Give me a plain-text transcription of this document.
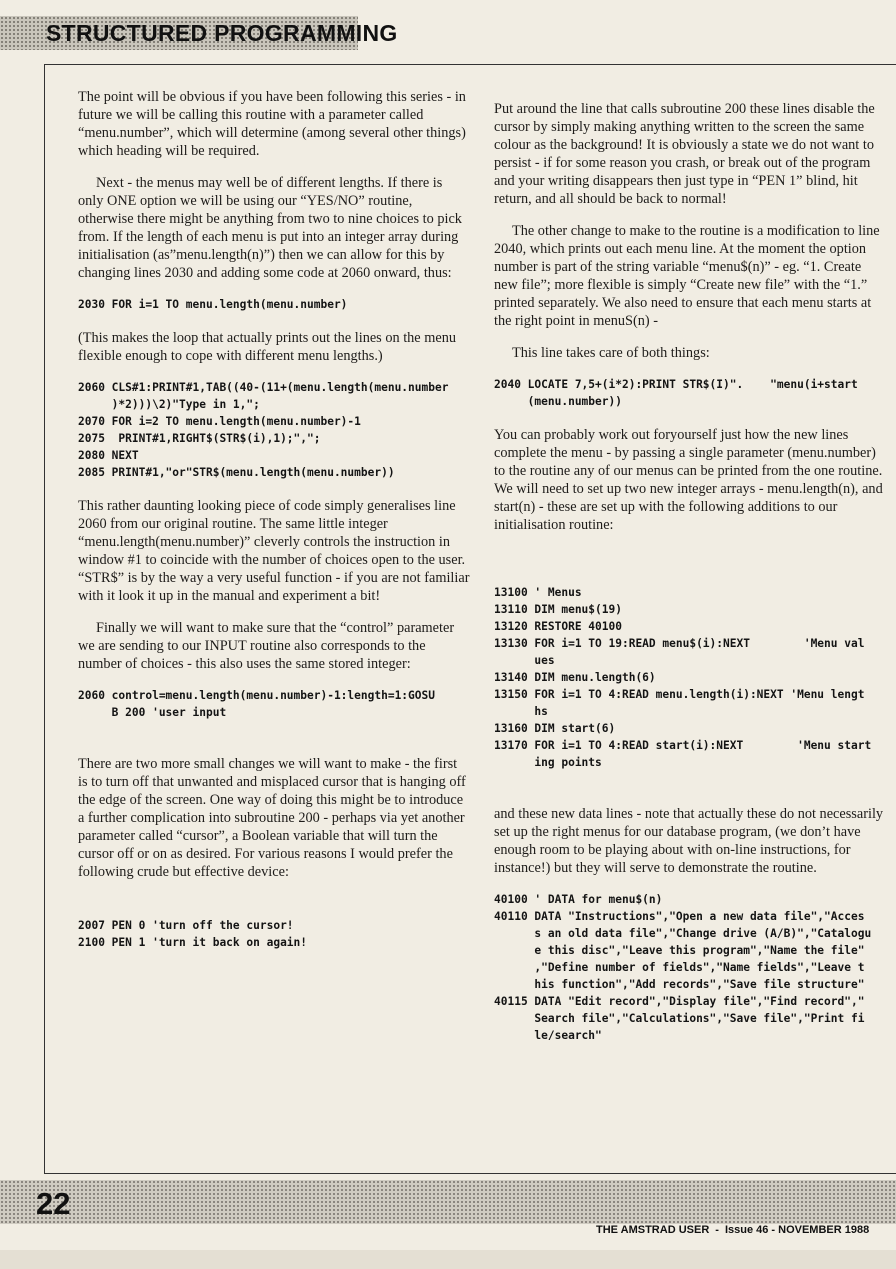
STRUCTURED PROGRAMMING

The point will be obvious if you have been following this series - in future we will be calling this routine with a parameter called “menu.number”, which will determine (among several other things) which heading will be required.

Next - the menus may well be of different lengths. If there is only ONE option we will be using our “YES/NO” routine, otherwise there might be anything from two to nine choices to pick from. If the length of each menu is put into an integer array during initialisation (as”menu.length(n)”) then we can allow for this by changing lines 2030 and adding some code at 2060 onward, thus:

2030 FOR i=1 TO menu.length(menu.number)

(This makes the loop that actually prints out the lines on the menu flexible enough to cope with different menu lengths.)

2060 CLS#1:PRINT#1,TAB((40-(11+(menu.length(menu.number
)*2)))\2)"Type in 1,";
2070 FOR i=2 TO menu.length(menu.number)-1
2075  PRINT#1,RIGHT$(STR$(i),1);",";
2080 NEXT
2085 PRINT#1,"or"STR$(menu.length(menu.number))

This rather daunting looking piece of code simply generalises line 2060 from our original routine. The same little integer “menu.length(menu.number)” cleverly controls the instruction in window #1 to coincide with the number of choices open to the user. “STR$” is by the way a very useful function - if you are not familiar with it look it up in the manual and experiment a bit!

Finally we will want to make sure that the “control” parameter we are sending to our INPUT routine also corresponds to the number of choices - this also uses the same stored integer:

2060 control=menu.length(menu.number)-1:length=1:GOSU
B 200 'user input

There are two more small changes we will want to make - the first is to turn off that unwanted and misplaced cursor that is hanging off the edge of the screen. One way of doing this might be to introduce a further complication into subroutine 200 - perhaps via yet another parameter called “cursor”, a Boolean variable that will turn the cursor off or on as desired. For various reasons I would prefer the following crude but effective device:

2007 PEN 0 'turn off the cursor!
2100 PEN 1 'turn it back on again!

Put around the line that calls subroutine 200 these lines disable the cursor by simply making anything written to the screen the same colour as the background! It is obviously a state we do not want to persist - if for some reason you crash, or break out of the program and your writing disappears then just type in “PEN 1” blind, hit return, and all should be back to normal!

The other change to make to the routine is a modification to line 2040, which prints out each menu line. At the moment the option number is part of the string variable “menu$(n)” - eg. “1. Create new file”; more flexible is simply “Create new file” with the “1.” printed separately. We also need to ensure that each menu starts at the right point in menuS(n) -

This line takes care of both things:

2040 LOCATE 7,5+(i*2):PRINT STR$(I)".    "menu(i+start
(menu.number))

You can probably work out foryourself just how the new lines complete the menu - by passing a single parameter (menu.number) to the routine any of our menus can be printed from the one routine. We will need to set up two new integer arrays - menu.length(n), and start(n) - these are set up with the following additions to our initialisation routine:

13100 ' Menus
13110 DIM menu$(19)
13120 RESTORE 40100
13130 FOR i=1 TO 19:READ menu$(i):NEXT        'Menu val
ues
13140 DIM menu.length(6)
13150 FOR i=1 TO 4:READ menu.length(i):NEXT 'Menu lengt
hs
13160 DIM start(6)
13170 FOR i=1 TO 4:READ start(i):NEXT        'Menu start
ing points

and these new data lines - note that actually these do not necessarily set up the right menus for our database program, (we don’t have enough room to be playing about with on-line instructions, for instance!) but they will serve to demonstrate the routine.

40100 ' DATA for menu$(n)
40110 DATA "Instructions","Open a new data file","Acces
s an old data file","Change drive (A/B)","Catalogu
e this disc","Leave this program","Name the file"
,"Define number of fields","Name fields","Leave t
his function","Add records","Save file structure"
40115 DATA "Edit record","Display file","Find record","
Search file","Calculations","Save file","Print fi
le/search"
22
THE AMSTRAD USER - Issue 46 - NOVEMBER 1988
